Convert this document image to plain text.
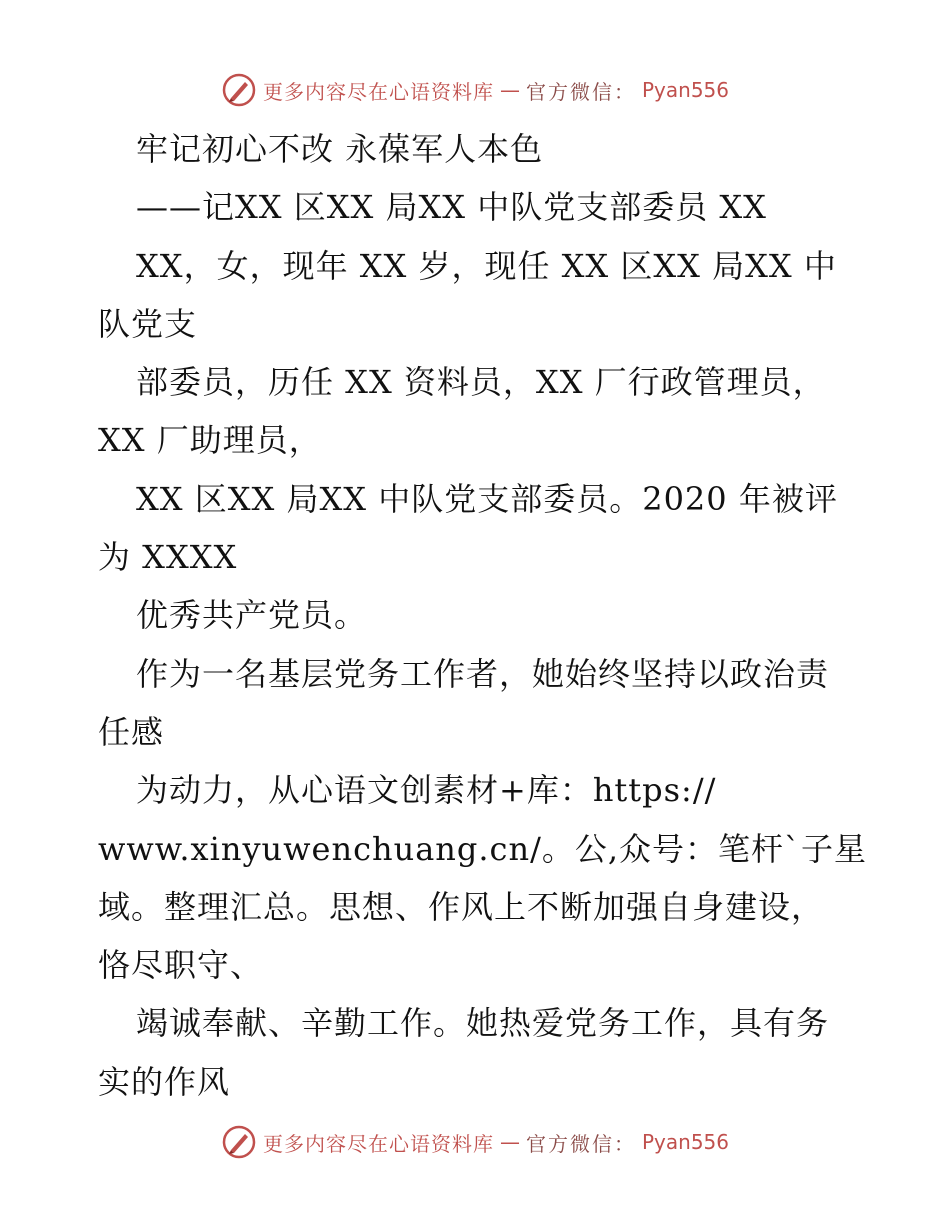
更多内容尽在心语资料库 — 官方微信： Pyan556
牢记初心不改 永葆军人本色
——记XX 区XX 局XX 中队党支部委员 XX
XX，女，现年 XX 岁，现任 XX 区XX 局XX 中
队党支
部委员，历任 XX 资料员，XX 厂行政管理员，
XX 厂助理员，
XX 区XX 局XX 中队党支部委员。2020 年被评
为 XXXX
优秀共产党员。
作为一名基层党务工作者，她始终坚持以政治责
任感
为动力，从心语文创素材+库：https://
www.xinyuwenchuang.cn/。公,众号：笔杆`子星
域。整理汇总。思想、作风上不断加强自身建设，
恪尽职守、
竭诚奉献、辛勤工作。她热爱党务工作，具有务
实的作风
更多内容尽在心语资料库 — 官方微信： Pyan556
